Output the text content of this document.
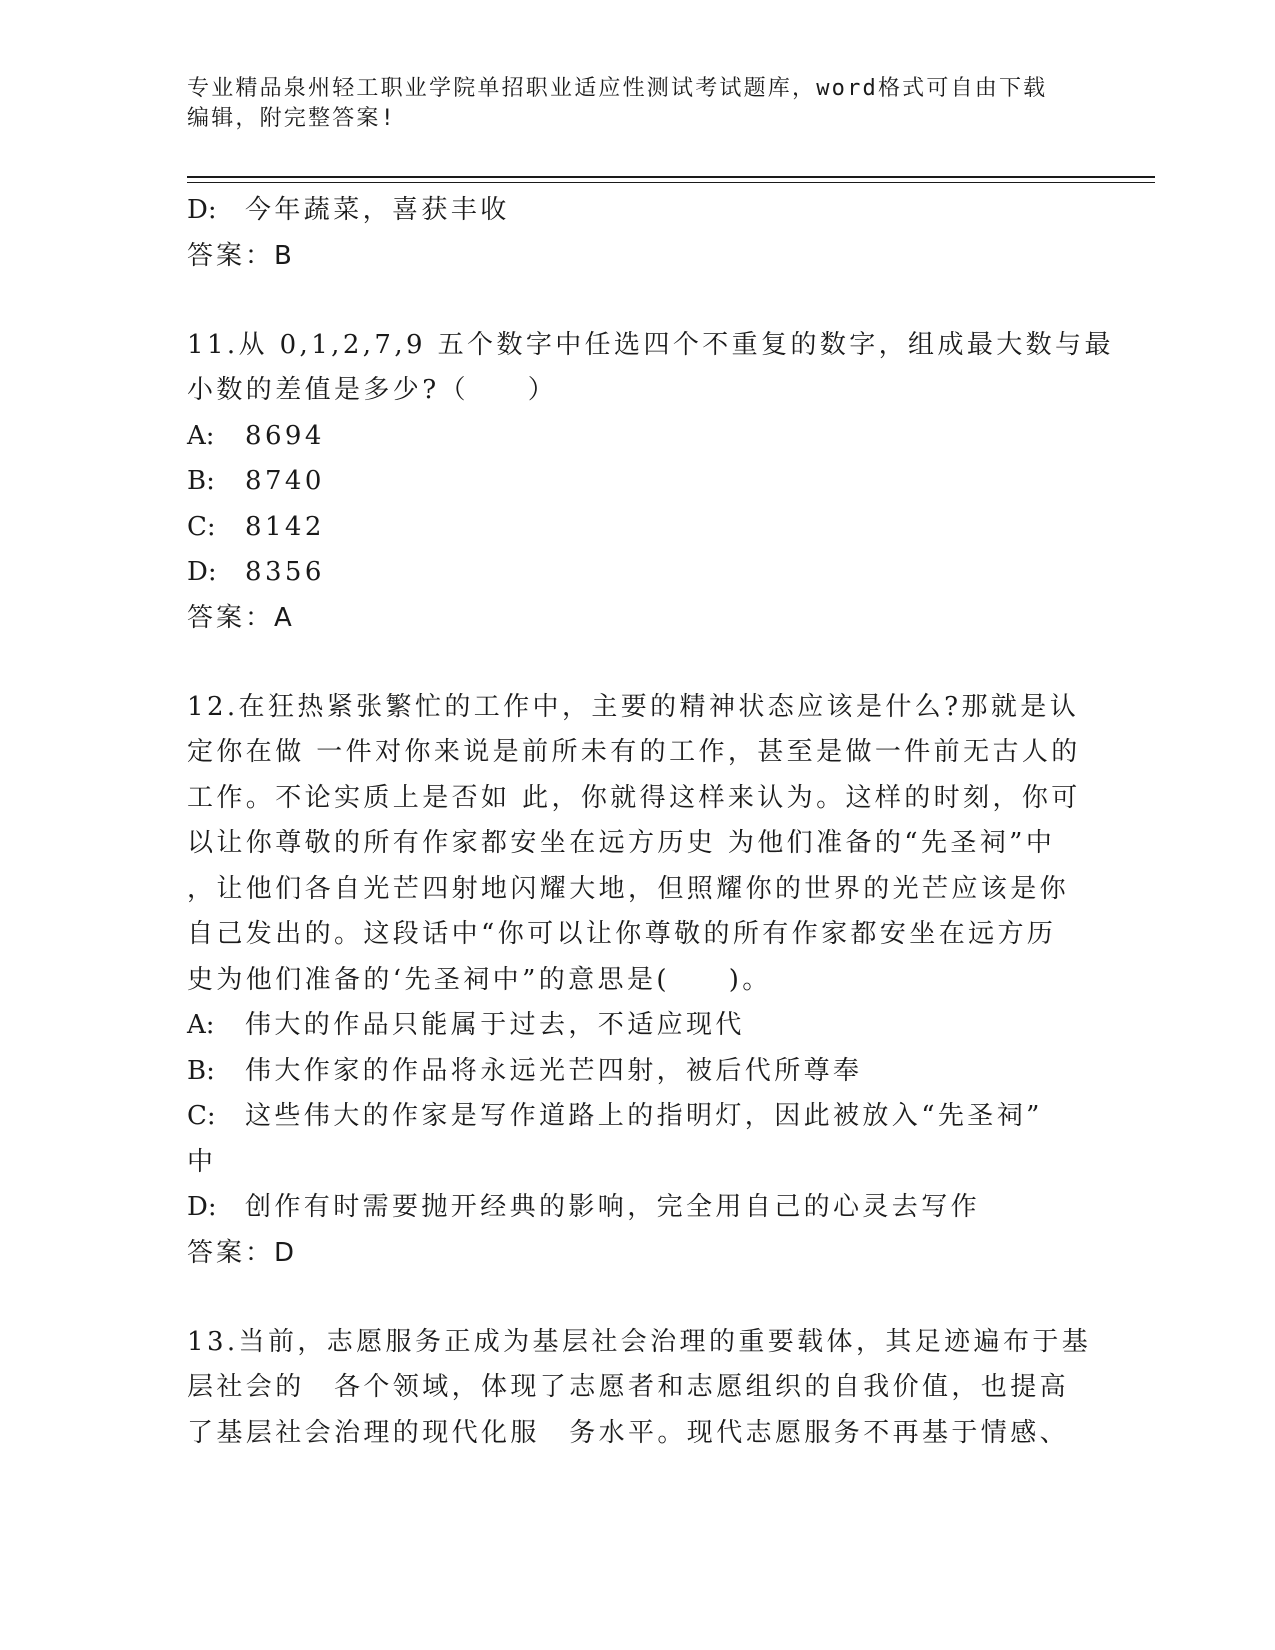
专业精品泉州轻工职业学院单招职业适应性测试考试题库，word格式可自由下载
编辑，附完整答案!
D: 今年蔬菜，喜获丰收
答案：B
11.从 0,1,2,7,9 五个数字中任选四个不重复的数字，组成最大数与最
小数的差值是多少?（　　）
A: 8694
B: 8740
C: 8142
D: 8356
答案：A
12.在狂热紧张繁忙的工作中，主要的精神状态应该是什么?那就是认
定你在做 一件对你来说是前所未有的工作，甚至是做一件前无古人的
工作。不论实质上是否如 此，你就得这样来认为。这样的时刻，你可
以让你尊敬的所有作家都安坐在远方历史 为他们准备的“先圣祠”中
，让他们各自光芒四射地闪耀大地，但照耀你的世界的光芒应该是你
自己发出的。这段话中“你可以让你尊敬的所有作家都安坐在远方历
史为他们准备的‘先圣祠中”的意思是(　　)。
A: 伟大的作品只能属于过去，不适应现代
B: 伟大作家的作品将永远光芒四射，被后代所尊奉
C: 这些伟大的作家是写作道路上的指明灯，因此被放入“先圣祠”
中
D: 创作有时需要抛开经典的影响，完全用自己的心灵去写作
答案：D
13.当前，志愿服务正成为基层社会治理的重要载体，其足迹遍布于基
层社会的　各个领域，体现了志愿者和志愿组织的自我价值，也提高
了基层社会治理的现代化服　务水平。现代志愿服务不再基于情感、
